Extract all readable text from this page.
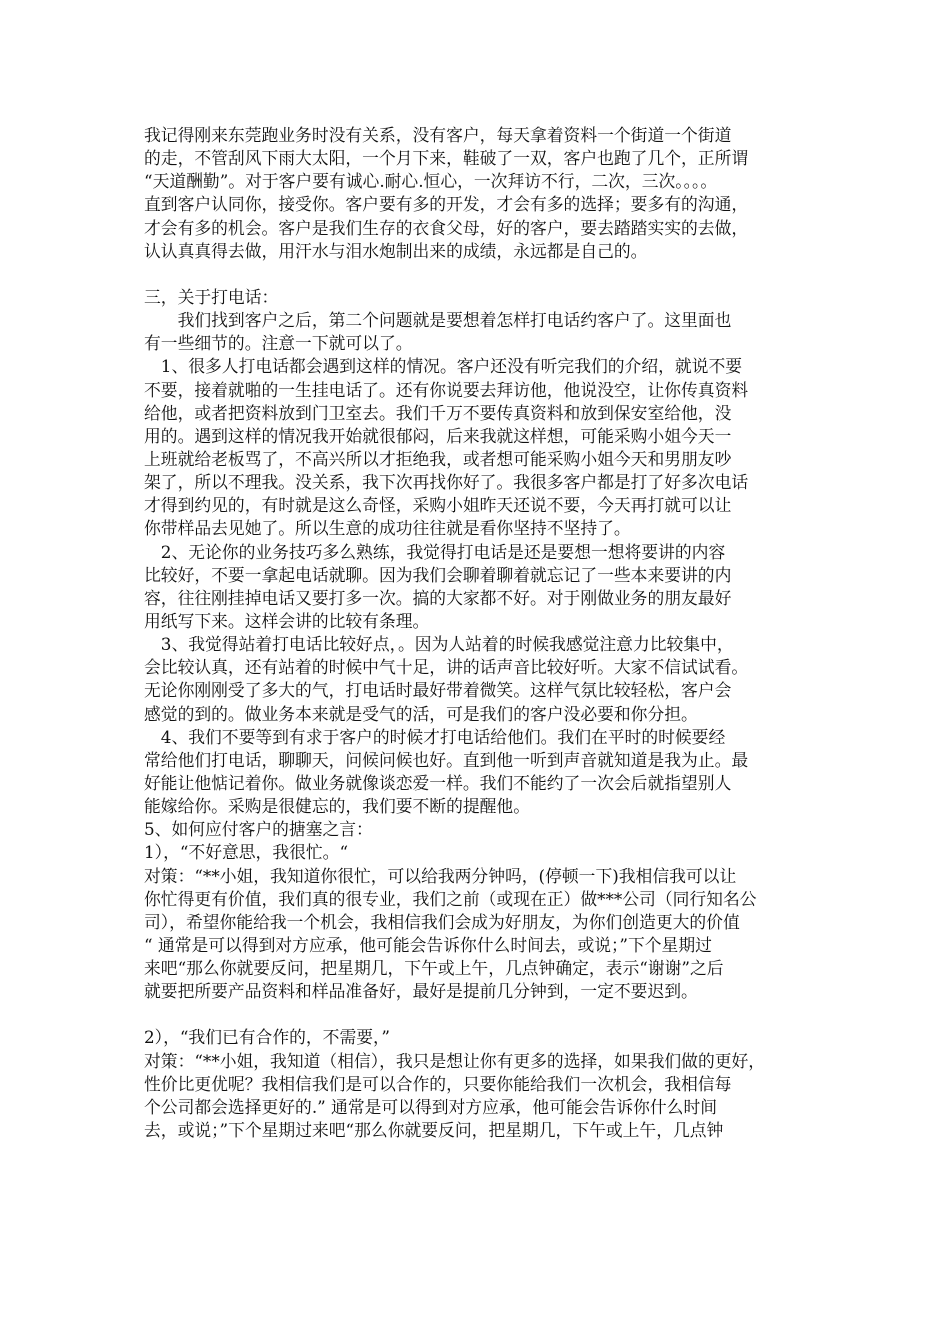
我记得刚来东莞跑业务时没有关系，没有客户，每天拿着资料一个街道一个街道
的走，不管刮风下雨大太阳，一个月下来，鞋破了一双，客户也跑了几个，正所谓
“天道酬勤”。对于客户要有诚心.耐心.恒心，一次拜访不行，二次，三次。。。。
直到客户认同你，接受你。客户要有多的开发，才会有多的选择；要多有的沟通，
才会有多的机会。客户是我们生存的衣食父母，好的客户，要去踏踏实实的去做，
认认真真得去做，用汗水与泪水炮制出来的成绩，永远都是自己的。
三，关于打电话：
　　我们找到客户之后，第二个问题就是要想着怎样打电话约客户了。这里面也
有一些细节的。注意一下就可以了。
　1、很多人打电话都会遇到这样的情况。客户还没有听完我们的介绍，就说不要
不要，接着就啪的一生挂电话了。还有你说要去拜访他，他说没空，让你传真资料
给他，或者把资料放到门卫室去。我们千万不要传真资料和放到保安室给他，没
用的。遇到这样的情况我开始就很郁闷，后来我就这样想，可能采购小姐今天一
上班就给老板骂了，不高兴所以才拒绝我，或者想可能采购小姐今天和男朋友吵
架了，所以不理我。没关系，我下次再找你好了。我很多客户都是打了好多次电话
才得到约见的，有时就是这么奇怪，采购小姐昨天还说不要，今天再打就可以让
你带样品去见她了。所以生意的成功往往就是看你坚持不坚持了。
　2、无论你的业务技巧多么熟练，我觉得打电话是还是要想一想将要讲的内容
比较好，不要一拿起电话就聊。因为我们会聊着聊着就忘记了一些本来要讲的内
容，往往刚挂掉电话又要打多一次。搞的大家都不好。对于刚做业务的朋友最好
用纸写下来。这样会讲的比较有条理。
　3、我觉得站着打电话比较好点，。因为人站着的时候我感觉注意力比较集中，
会比较认真，还有站着的时候中气十足，讲的话声音比较好听。大家不信试试看。
无论你刚刚受了多大的气，打电话时最好带着微笑。这样气氛比较轻松，客户会
感觉的到的。做业务本来就是受气的活，可是我们的客户没必要和你分担。
　4、我们不要等到有求于客户的时候才打电话给他们。我们在平时的时候要经
常给他们打电话，聊聊天，问候问候也好。直到他一听到声音就知道是我为止。最
好能让他惦记着你。做业务就像谈恋爱一样。我们不能约了一次会后就指望别人
能嫁给你。采购是很健忘的，我们要不断的提醒他。
5、如何应付客户的搪塞之言：
1），“不好意思，我很忙。“
对策：“**小姐，我知道你很忙，可以给我两分钟吗，(停顿一下)我相信我可以让
你忙得更有价值，我们真的很专业，我们之前（或现在正）做***公司（同行知名公
司），希望你能给我一个机会，我相信我们会成为好朋友，为你们创造更大的价值
“ 通常是可以得到对方应承，他可能会告诉你什么时间去，或说；”下个星期过
来吧“那么你就要反问，把星期几，下午或上午，几点钟确定，表示“谢谢”之后
就要把所要产品资料和样品准备好，最好是提前几分钟到，一定不要迟到。
2），“我们已有合作的，不需要，”
对策：“**小姐，我知道（相信），我只是想让你有更多的选择，如果我们做的更好，
性价比更优呢？我相信我们是可以合作的，只要你能给我们一次机会，我相信每
个公司都会选择更好的.” 通常是可以得到对方应承，他可能会告诉你什么时间
去，或说；”下个星期过来吧“那么你就要反问，把星期几，下午或上午，几点钟
